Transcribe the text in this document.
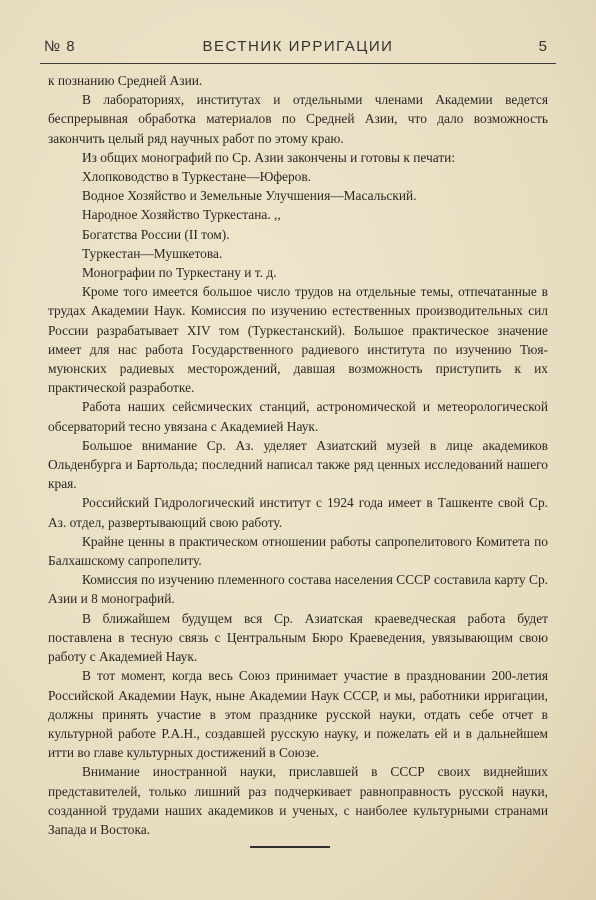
№ 8	ВЕСТНИК ИРРИГАЦИИ	5

к познанию Средней Азии.

В лабораториях, институтах и отдельными членами Академии ведется беспрерывная обработка материалов по Средней Азии, что дало возможность закончить целый ряд научных работ по этому краю.

Из общих монографий по Ср. Азии закончены и готовы к печати:

Хлопководство в Туркестане—Юферов.

Водное Хозяйство и Земельные Улучшения—Масальский.

Народное Хозяйство Туркестана. ,,

Богатства России (II том).

Туркестан—Мушкетова.

Монографии по Туркестану и т. д.

Кроме того имеется большое число трудов на отдельные темы, отпечатанные в трудах Академии Наук. Комиссия по изучению естественных производительных сил России разрабатывает XIV том (Туркестанский). Большое практическое значение имеет для нас работа Государственного радиевого института по изучению Тюя-муюнских радиевых месторождений, давшая возможность приступить к их практической разработке.

Работа наших сейсмических станций, астрономической и метеорологической обсерваторий тесно увязана с Академией Наук.

Большое внимание Ср. Аз. уделяет Азиатский музей в лице академиков Ольденбурга и Бартольда; последний написал также ряд ценных исследований нашего края.

Российский Гидрологический институт с 1924 года имеет в Ташкенте свой Ср. Аз. отдел, развертывающий свою работу.

Крайне ценны в практическом отношении работы сапропелитового Комитета по Балхашскому сапропелиту.

Комиссия по изучению племенного состава населения СССР составила карту Ср. Азии и 8 монографий.

В ближайшем будущем вся Ср. Азиатская краеведческая работа будет поставлена в тесную связь с Центральным Бюро Краеведения, увязывающим свою работу с Академией Наук.

В тот момент, когда весь Союз принимает участие в праздновании 200-летия Российской Академии Наук, ныне Академии Наук СССР, и мы, работники ирригации, должны принять участие в этом празднике русской науки, отдать себе отчет в культурной работе Р.А.Н., создавшей русскую науку, и пожелать ей и в дальнейшем итти во главе культурных достижений в Союзе.

Внимание иностранной науки, приславшей в СССР своих виднейших представителей, только лишний раз подчеркивает равноправность русской науки, созданной трудами наших академиков и ученых, с наиболее культурными странами Запада и Востока.
